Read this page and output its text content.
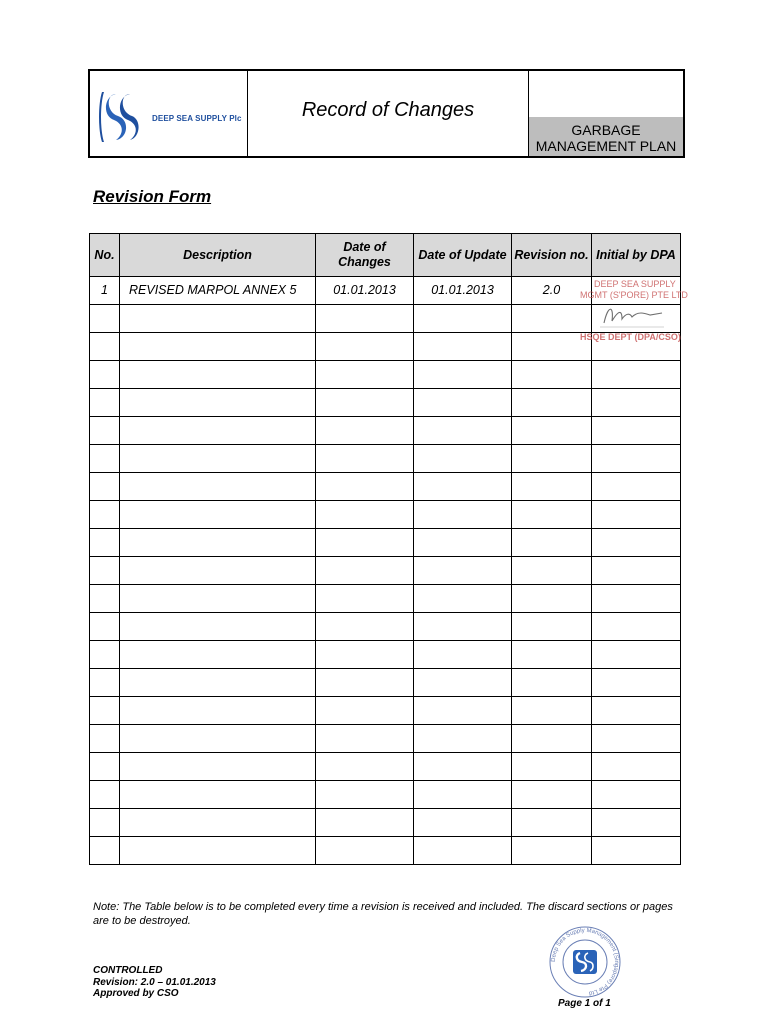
DEEP SEA SUPPLY Plc	Record of Changes
GARBAGE
MANAGEMENT PLAN
Revision Form
No.	Description	Date of Changes	Date of Update	Revision no.	Initial by DPA
1	REVISED MARPOL ANNEX 5	01.01.2013	01.01.2013	2.0	

						DEEP SEA SUPPLY
MGMT (S'PORE) PTE LTD
HSQE DEPT (DPA/CSO)
Note: The Table below is to be completed every time a revision is received and included. The discard sections or pages are to be destroyed.
CONTROLLED
Revision: 2.0 – 01.01.2013
Approved by CSO
Deep Sea Supply Management (Singapore) Pte Ltd
Page 1 of 1
